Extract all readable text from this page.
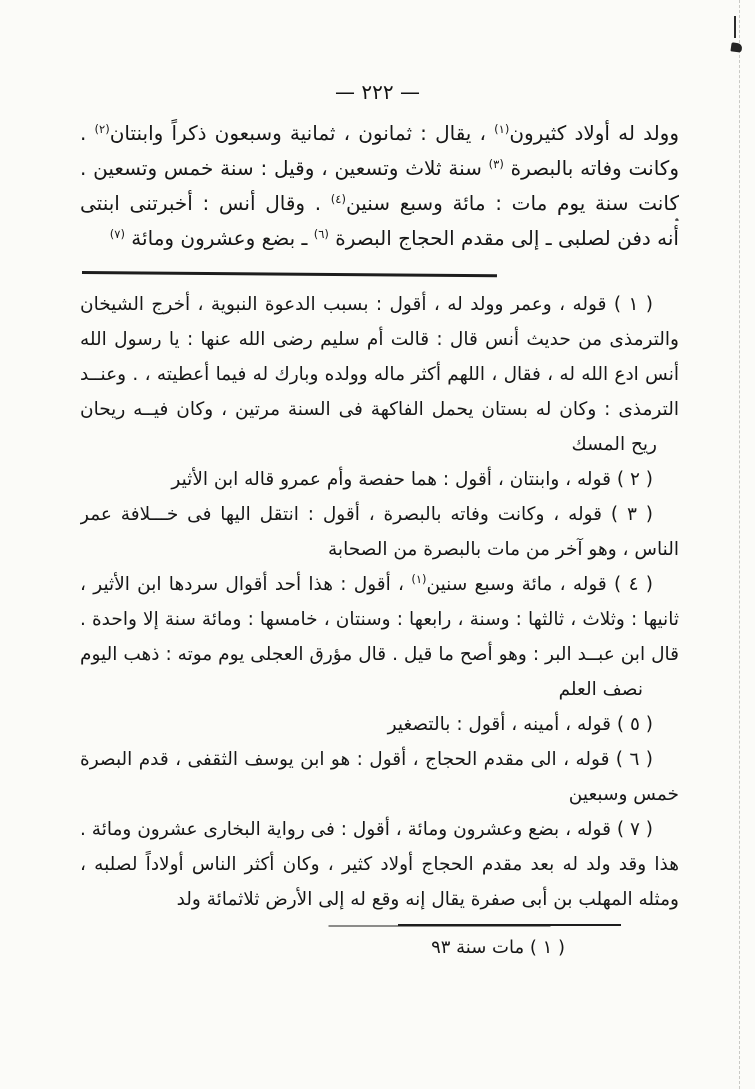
— ٢٢٢ —
وولد له أولاد كثيرون$^{(١)}$ ، يقال : ثمانون ، ثمانية وسبعون ذكراً وابنتان$^{(٢)}$ .
وكانت وفاته بالبصرة $^{(٣)}$ سنة ثلاث وتسعين ، وقيل : سنة خمس وتسعين .
كانت سنة يوم مات : مائة وسبع سنين$^{(٤)}$ . وقال أنس : أخبرتنى ابنتى
أنه دفن لصلبى ـ إلى مقدم الحجاج البصرة $^{(٦)}$ ـ بضع وعشرون ومائة $^{(٧)}$
( ١ ) قوله ، وعمر وولد له ، أقول : بسبب الدعوة النبوية ، أخرج الشيخان
والترمذى من حديث أنس قال : قالت أم سليم رضى الله عنها : يا رسول الله
أنس ادع الله له ، فقال ، اللهم أكثر ماله وولده وبارك له فيما أعطيته ، . وعنــد
الترمذى : وكان له بستان يحمل الفاكهة فى السنة مرتين ، وكان فيــه ريحان
ريح المسك
( ٢ ) قوله ، وابنتان ، أقول : هما حفصة وأم عمرو قاله ابن الأثير
( ٣ ) قوله ، وكانت وفاته بالبصرة ، أقول : انتقل اليها فى خـــلافة عمر
الناس ، وهو آخر من مات بالبصرة من الصحابة
( ٤ ) قوله ، مائة وسبع سنين$^{(١)}$ ، أقول : هذا أحد أقوال سردها ابن الأثير ،
ثانيها : وثلاث ، ثالثها : وسنة ، رابعها : وسنتان ، خامسها : ومائة سنة إلا واحدة .
قال ابن عبــد البر : وهو أصح ما قيل . قال مؤرق العجلى يوم موته : ذهب اليوم
نصف العلم
( ٥ ) قوله ، أمينه ، أقول : بالتصغير
( ٦ ) قوله ، الى مقدم الحجاج ، أقول : هو ابن يوسف الثقفى ، قدم البصرة
خمس وسبعين
( ٧ ) قوله ، بضع وعشرون ومائة ، أقول : فى رواية البخارى عشرون ومائة .
هذا وقد ولد له بعد مقدم الحجاج أولاد كثير ، وكان أكثر الناس أولاداً لصلبه ،
ومثله المهلب بن أبى صفرة يقال إنه وقع له إلى الأرض ثلاثمائة ولد
( ١ ) مات سنة ٩٣
